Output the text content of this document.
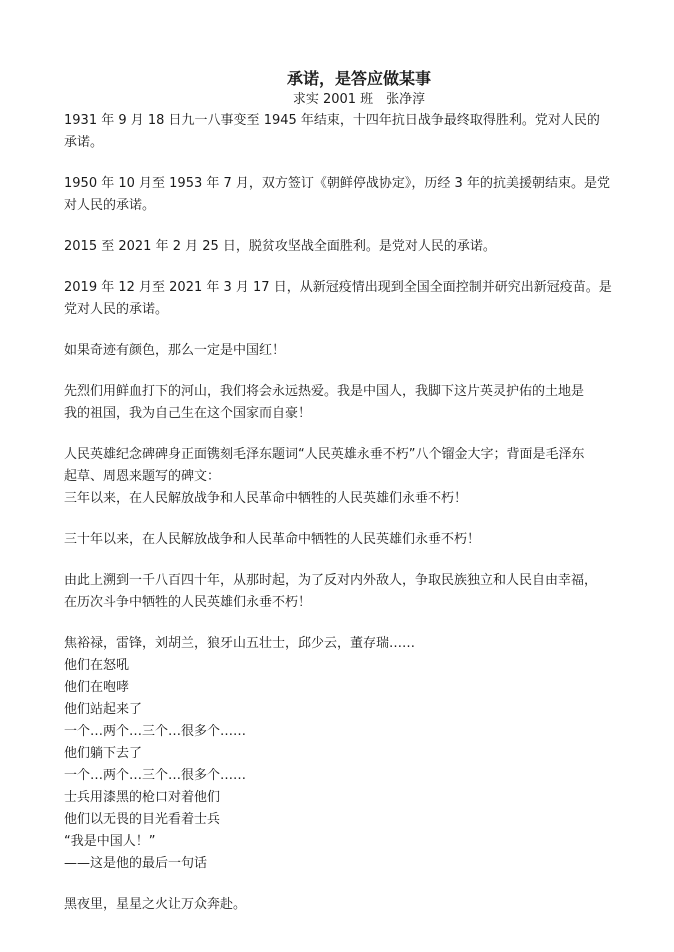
承诺，是答应做某事
求实 2001 班　张净淳

1931 年 9 月 18 日九一八事变至 1945 年结束，十四年抗日战争最终取得胜利。党对人民的
承诺。

1950 年 10 月至 1953 年 7 月，双方签订《朝鲜停战协定》，历经 3 年的抗美援朝结束。是党
对人民的承诺。

2015 至 2021 年 2 月 25 日，脱贫攻坚战全面胜利。是党对人民的承诺。

2019 年 12 月至 2021 年 3 月 17 日，从新冠疫情出现到全国全面控制并研究出新冠疫苗。是
党对人民的承诺。

如果奇迹有颜色，那么一定是中国红！

先烈们用鲜血打下的河山，我们将会永远热爱。我是中国人，我脚下这片英灵护佑的土地是
我的祖国，我为自己生在这个国家而自豪！

人民英雄纪念碑碑身正面镌刻毛泽东题词“人民英雄永垂不朽”八个镏金大字；背面是毛泽东
起草、周恩来题写的碑文：
三年以来，在人民解放战争和人民革命中牺牲的人民英雄们永垂不朽！

三十年以来，在人民解放战争和人民革命中牺牲的人民英雄们永垂不朽！

由此上溯到一千八百四十年，从那时起，为了反对内外敌人，争取民族独立和人民自由幸福，
在历次斗争中牺牲的人民英雄们永垂不朽！

焦裕禄，雷锋，刘胡兰，狼牙山五壮士，邱少云，董存瑞……
他们在怒吼
他们在咆哮
他们站起来了
一个…两个…三个…很多个……
他们躺下去了
一个…两个…三个…很多个……
士兵用漆黑的枪口对着他们
他们以无畏的目光看着士兵
“我是中国人！”
——这是他的最后一句话

黑夜里，星星之火让万众奔赴。
